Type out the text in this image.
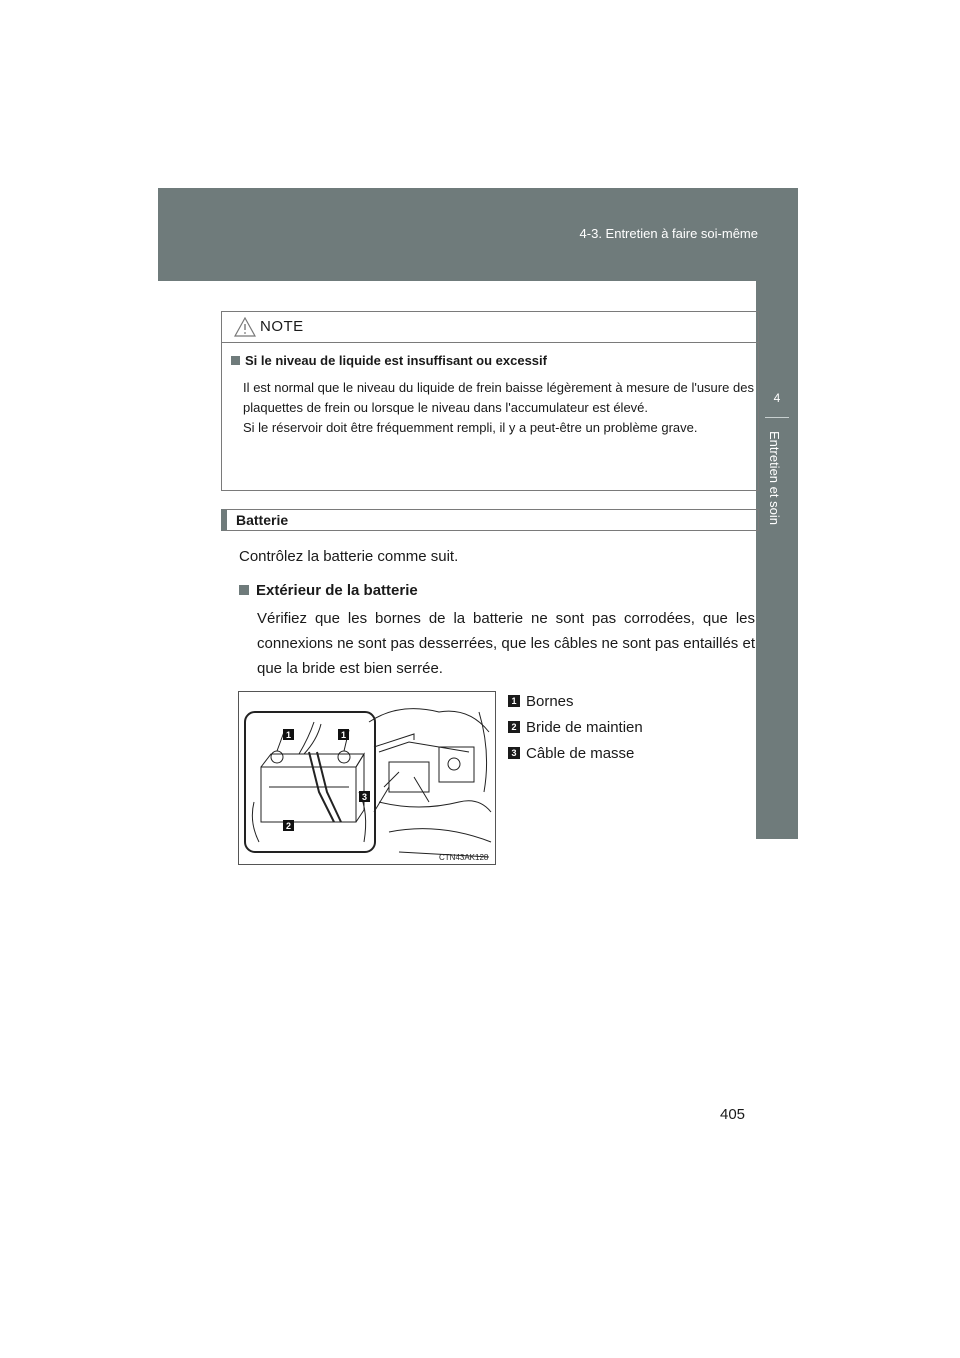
4-3. Entretien à faire soi-même
4
Entretien et soin
NOTE
Si le niveau de liquide est insuffisant ou excessif

Il est normal que le niveau du liquide de frein baisse légèrement à mesure de l'usure des plaquettes de frein ou lorsque le niveau dans l'accumulateur est élevé.

Si le réservoir doit être fréquemment rempli, il y a peut-être un problème grave.

Batterie
Contrôlez la batterie comme suit.
Extérieur de la batterie
Vérifiez que les bornes de la batterie ne sont pas corrodées, que les connexions ne sont pas desserrées, que les câbles ne sont pas entaillés et que la bride est bien serrée.
1	1
2
3
CTN43AK128
1 Bornes
2 Bride de maintien
3 Câble de masse
405
